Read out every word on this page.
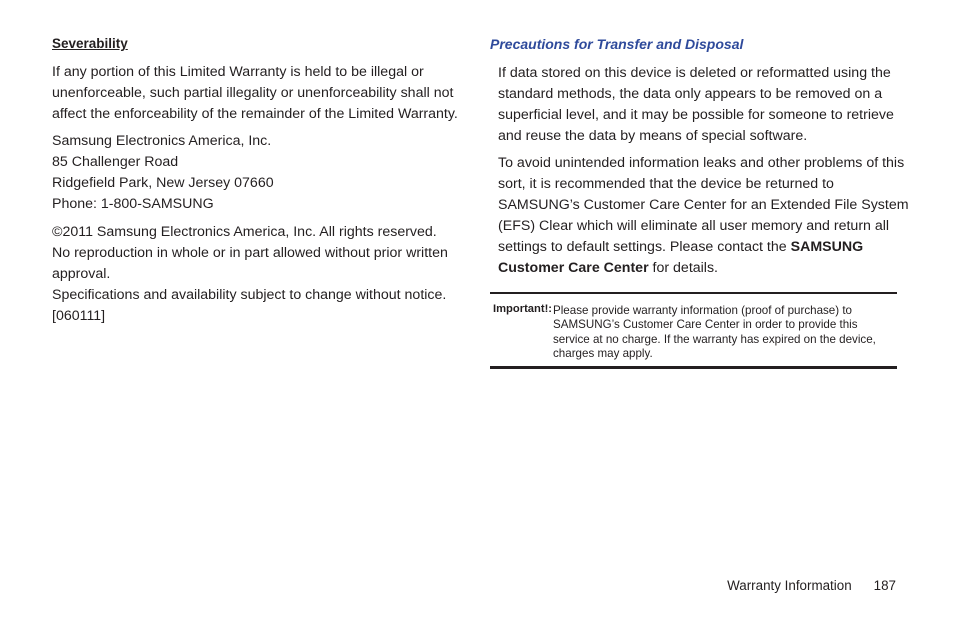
Severability

If any portion of this Limited Warranty is held to be illegal or
unenforceable, such partial illegality or unenforceability shall not
affect the enforceability of the remainder of the Limited Warranty.

Samsung Electronics America, Inc.
85 Challenger Road
Ridgefield Park, New Jersey 07660
Phone: 1-800-SAMSUNG

©2011 Samsung Electronics America, Inc. All rights reserved.
No reproduction in whole or in part allowed without prior written
approval.
Specifications and availability subject to change without notice.
[060111]

Precautions for Transfer and Disposal

If data stored on this device is deleted or reformatted using the
standard methods, the data only appears to be removed on a
superficial level, and it may be possible for someone to retrieve
and reuse the data by means of special software.

To avoid unintended information leaks and other problems of this
sort, it is recommended that the device be returned to
SAMSUNG’s Customer Care Center for an Extended File System
(EFS) Clear which will eliminate all user memory and return all
settings to default settings. Please contact the SAMSUNG
Customer Care Center for details.

Important!: Please provide warranty information (proof of purchase) to
SAMSUNG’s Customer Care Center in order to provide this
service at no charge. If the warranty has expired on the device,
charges may apply.
Warranty Information 187
